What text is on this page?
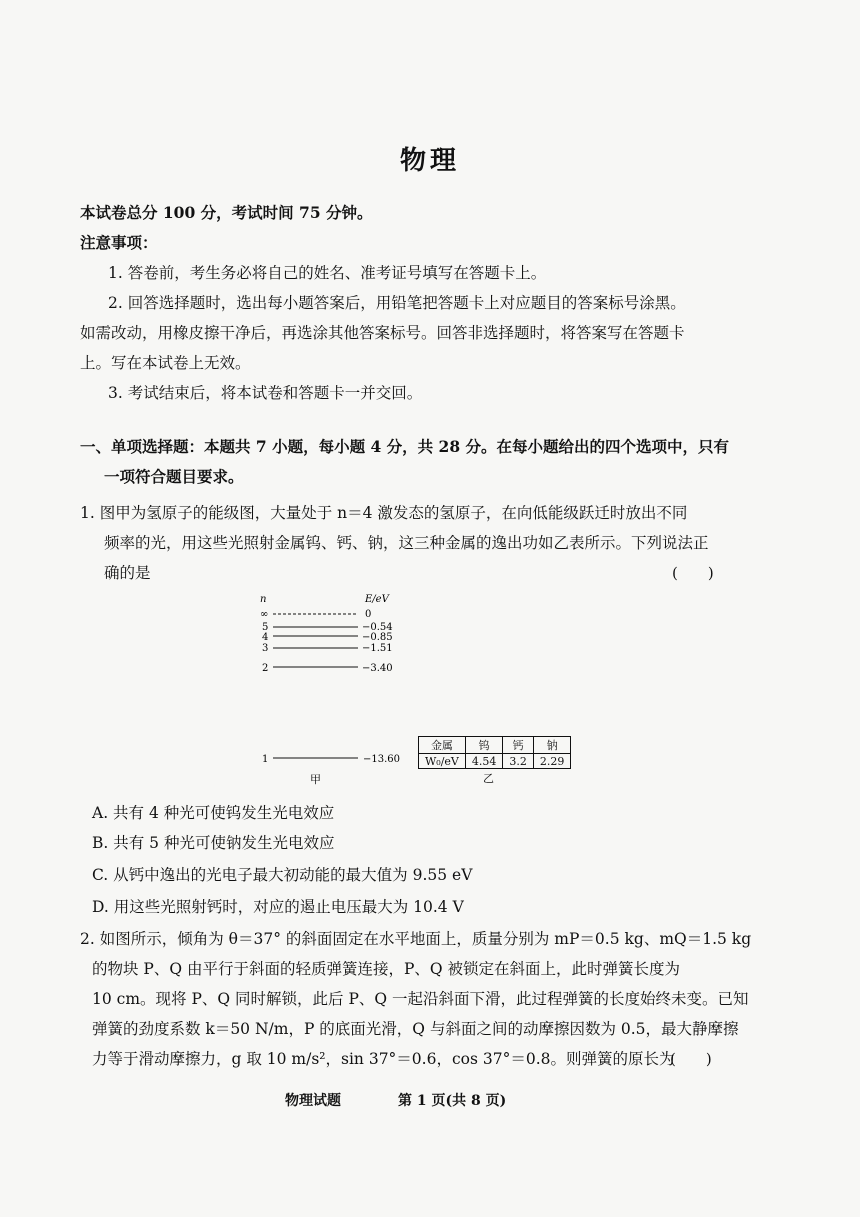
物理
本试卷总分 100 分，考试时间 75 分钟。
注意事项：
1. 答卷前，考生务必将自己的姓名、准考证号填写在答题卡上。
2. 回答选择题时，选出每小题答案后，用铅笔把答题卡上对应题目的答案标号涂黑。
如需改动，用橡皮擦干净后，再选涂其他答案标号。回答非选择题时，将答案写在答题卡
上。写在本试卷上无效。
3. 考试结束后，将本试卷和答题卡一并交回。
一、单项选择题：本题共 7 小题，每小题 4 分，共 28 分。在每小题给出的四个选项中，只有
一项符合题目要求。
1. 图甲为氢原子的能级图，大量处于 n＝4 激发态的氢原子，在向低能级跃迁时放出不同
频率的光，用这些光照射金属钨、钙、钠，这三种金属的逸出功如乙表所示。下列说法正
确的是	(　　)
n	E/eV
∞	0
5	−0.54
4	−0.85
3	−1.51
2	−3.40
1	−13.60
甲
金属	钨	钙	钠
W₀/eV	4.54	3.2	2.29
乙
A. 共有 4 种光可使钨发生光电效应
B. 共有 5 种光可使钠发生光电效应
C. 从钙中逸出的光电子最大初动能的最大值为 9.55 eV
D. 用这些光照射钙时，对应的遏止电压最大为 10.4 V
2. 如图所示，倾角为 θ＝37° 的斜面固定在水平地面上，质量分别为 mP＝0.5 kg、mQ＝1.5 kg
的物块 P、Q 由平行于斜面的轻质弹簧连接，P、Q 被锁定在斜面上，此时弹簧长度为
10 cm。现将 P、Q 同时解锁，此后 P、Q 一起沿斜面下滑，此过程弹簧的长度始终未变。已知
弹簧的劲度系数 k＝50 N/m，P 的底面光滑，Q 与斜面之间的动摩擦因数为 0.5，最大静摩擦
力等于滑动摩擦力，g 取 10 m/s²，sin 37°＝0.6，cos 37°＝0.8。则弹簧的原长为
(　　)
物理试题	第 1 页(共 8 页)
